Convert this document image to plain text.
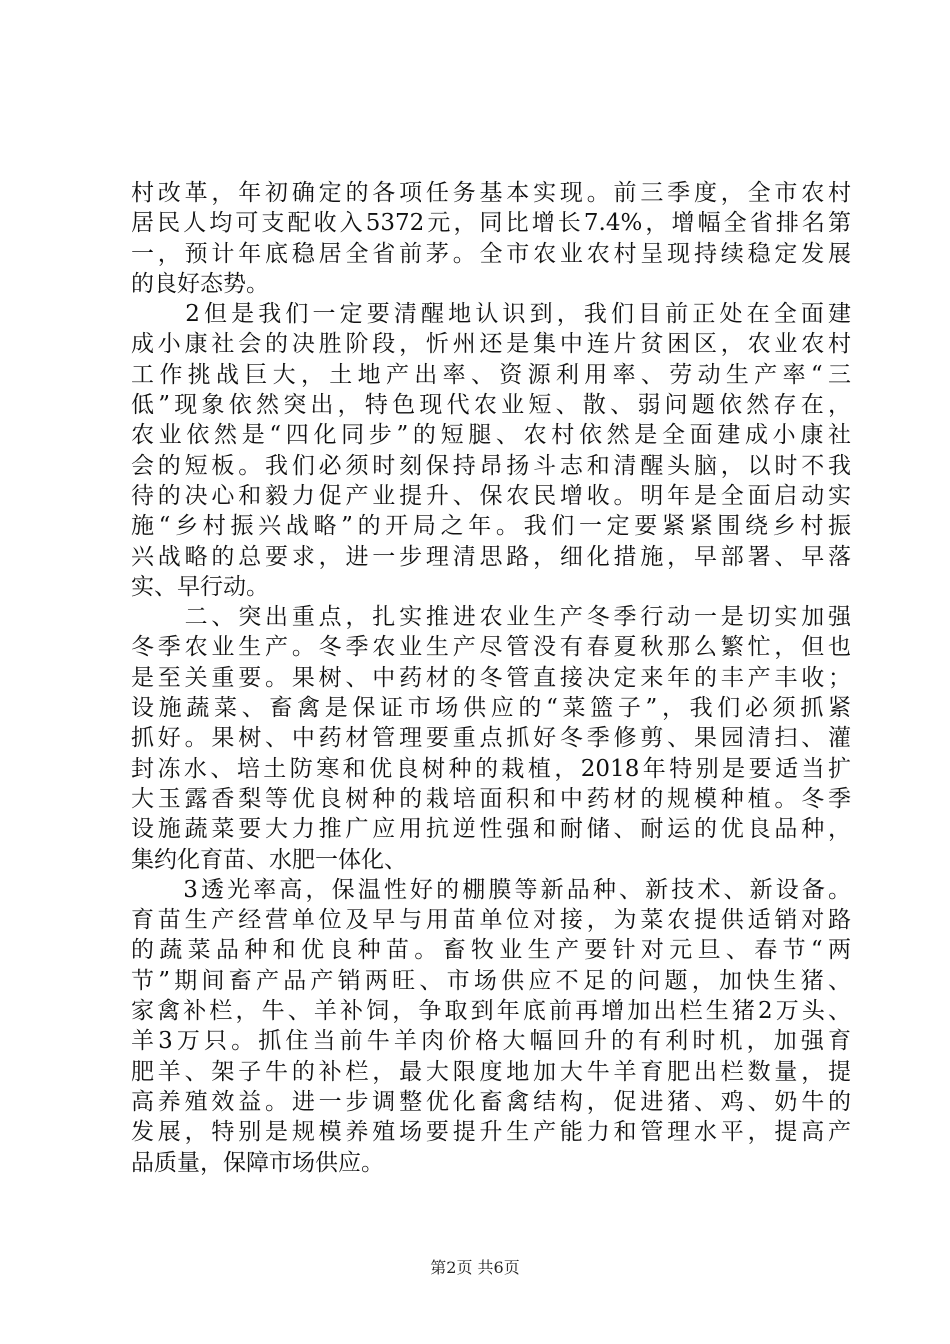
村改革，年初确定的各项任务基本实现。前三季度，全市农村
居民人均可支配收入5372元，同比增长7.4%，增幅全省排名第
一，预计年底稳居全省前茅。全市农业农村呈现持续稳定发展
的良好态势。
　　2但是我们一定要清醒地认识到，我们目前正处在全面建
成小康社会的决胜阶段，忻州还是集中连片贫困区，农业农村
工作挑战巨大，土地产出率、资源利用率、劳动生产率“三
低”现象依然突出，特色现代农业短、散、弱问题依然存在，
农业依然是“四化同步”的短腿、农村依然是全面建成小康社
会的短板。我们必须时刻保持昂扬斗志和清醒头脑，以时不我
待的决心和毅力促产业提升、保农民增收。明年是全面启动实
施“乡村振兴战略”的开局之年。我们一定要紧紧围绕乡村振
兴战略的总要求，进一步理清思路，细化措施，早部署、早落
实、早行动。
　　二、突出重点，扎实推进农业生产冬季行动一是切实加强
冬季农业生产。冬季农业生产尽管没有春夏秋那么繁忙，但也
是至关重要。果树、中药材的冬管直接决定来年的丰产丰收；
设施蔬菜、畜禽是保证市场供应的“菜篮子”，我们必须抓紧
抓好。果树、中药材管理要重点抓好冬季修剪、果园清扫、灌
封冻水、培土防寒和优良树种的栽植，2018年特别是要适当扩
大玉露香梨等优良树种的栽培面积和中药材的规模种植。冬季
设施蔬菜要大力推广应用抗逆性强和耐储、耐运的优良品种，
集约化育苗、水肥一体化、
　　3透光率高，保温性好的棚膜等新品种、新技术、新设备。
育苗生产经营单位及早与用苗单位对接，为菜农提供适销对路
的蔬菜品种和优良种苗。畜牧业生产要针对元旦、春节“两
节”期间畜产品产销两旺、市场供应不足的问题，加快生猪、
家禽补栏，牛、羊补饲，争取到年底前再增加出栏生猪2万头、
羊3万只。抓住当前牛羊肉价格大幅回升的有利时机，加强育
肥羊、架子牛的补栏，最大限度地加大牛羊育肥出栏数量，提
高养殖效益。进一步调整优化畜禽结构，促进猪、鸡、奶牛的
发展，特别是规模养殖场要提升生产能力和管理水平，提高产
品质量，保障市场供应。
第2页 共6页
